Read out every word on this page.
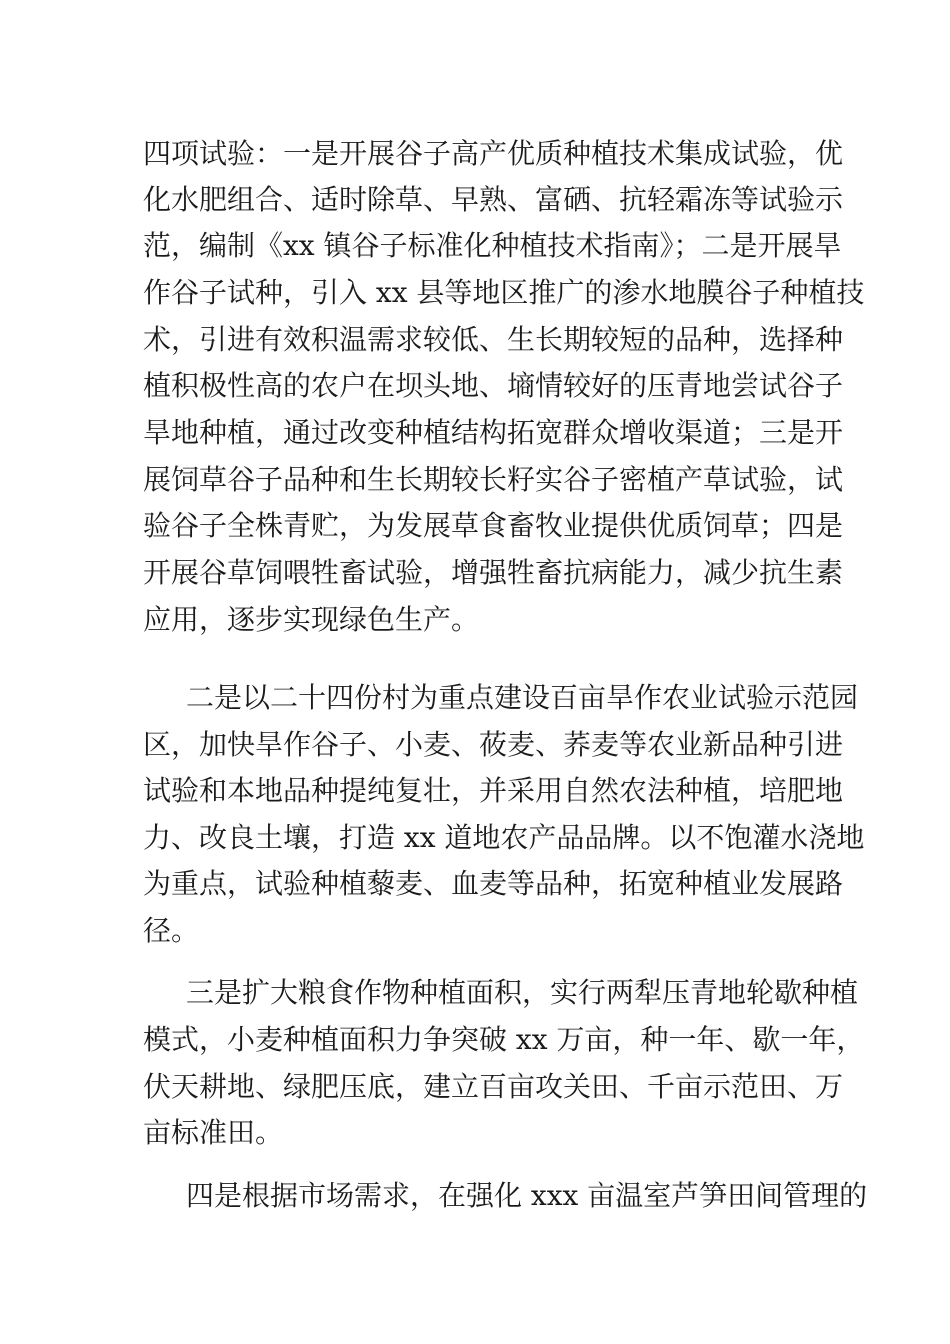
四项试验：一是开展谷子高产优质种植技术集成试验，优
化水肥组合、适时除草、早熟、富硒、抗轻霜冻等试验示
范，编制《xx 镇谷子标准化种植技术指南》；二是开展旱
作谷子试种，引入 xx 县等地区推广的渗水地膜谷子种植技
术，引进有效积温需求较低、生长期较短的品种，选择种
植积极性高的农户在坝头地、墒情较好的压青地尝试谷子
旱地种植，通过改变种植结构拓宽群众增收渠道；三是开
展饲草谷子品种和生长期较长籽实谷子密植产草试验，试
验谷子全株青贮，为发展草食畜牧业提供优质饲草；四是
开展谷草饲喂牲畜试验，增强牲畜抗病能力，减少抗生素
应用，逐步实现绿色生产。
二是以二十四份村为重点建设百亩旱作农业试验示范园
区，加快旱作谷子、小麦、莜麦、荞麦等农业新品种引进
试验和本地品种提纯复壮，并采用自然农法种植，培肥地
力、改良土壤，打造 xx 道地农产品品牌。以不饱灌水浇地
为重点，试验种植藜麦、血麦等品种，拓宽种植业发展路
径。
三是扩大粮食作物种植面积，实行两犁压青地轮歇种植
模式，小麦种植面积力争突破 xx 万亩，种一年、歇一年，
伏天耕地、绿肥压底，建立百亩攻关田、千亩示范田、万
亩标准田。
四是根据市场需求，在强化 xxx 亩温室芦笋田间管理的
